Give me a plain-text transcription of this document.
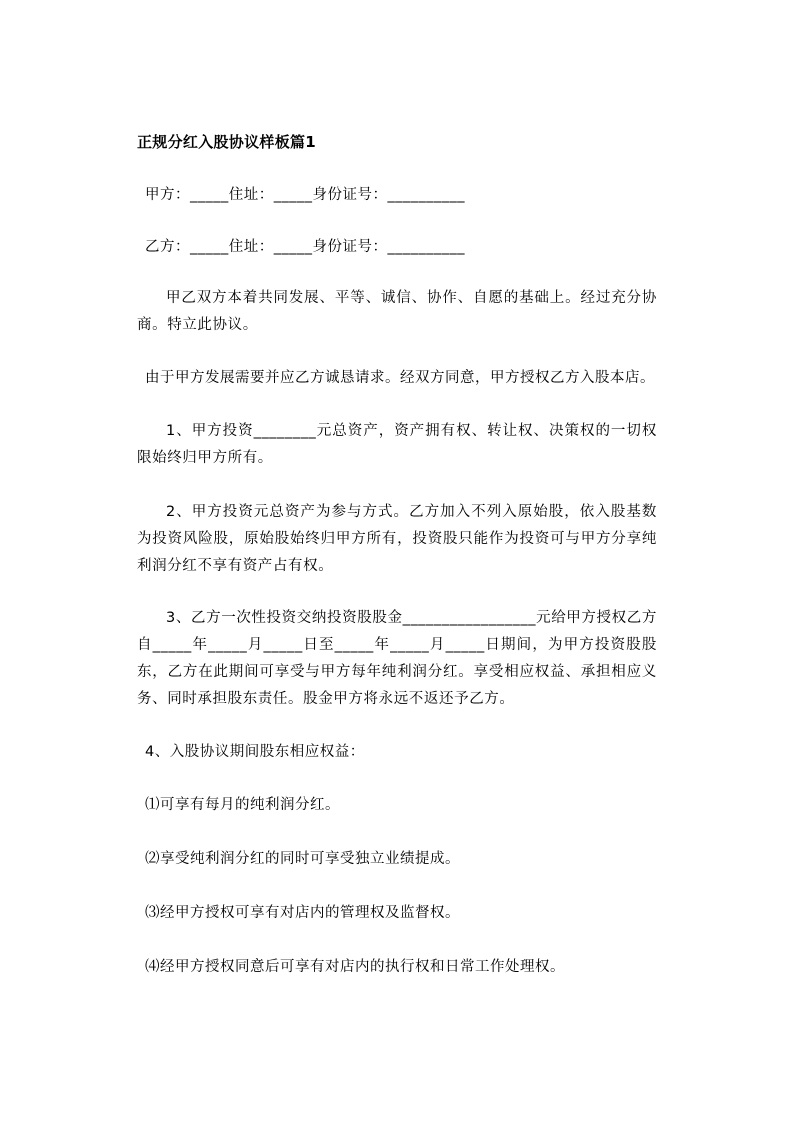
正规分红入股协议样板篇1

甲方：_____住址：_____身份证号：__________

乙方：_____住址：_____身份证号：__________

甲乙双方本着共同发展、平等、诚信、协作、自愿的基础上。经过充分协商。特立此协议。

由于甲方发展需要并应乙方诚恳请求。经双方同意，甲方授权乙方入股本店。

1、甲方投资________元总资产，资产拥有权、转让权、决策权的一切权限始终归甲方所有。

2、甲方投资元总资产为参与方式。乙方加入不列入原始股，依入股基数为投资风险股，原始股始终归甲方所有，投资股只能作为投资可与甲方分享纯利润分红不享有资产占有权。

3、乙方一次性投资交纳投资股股金_________________元给甲方授权乙方自_____年_____月_____日至_____年_____月_____日期间，为甲方投资股股东，乙方在此期间可享受与甲方每年纯利润分红。享受相应权益、承担相应义务、同时承担股东责任。股金甲方将永远不返还予乙方。

4、入股协议期间股东相应权益：

⑴可享有每月的纯利润分红。

⑵享受纯利润分红的同时可享受独立业绩提成。

⑶经甲方授权可享有对店内的管理权及监督权。

⑷经甲方授权同意后可享有对店内的执行权和日常工作处理权。
